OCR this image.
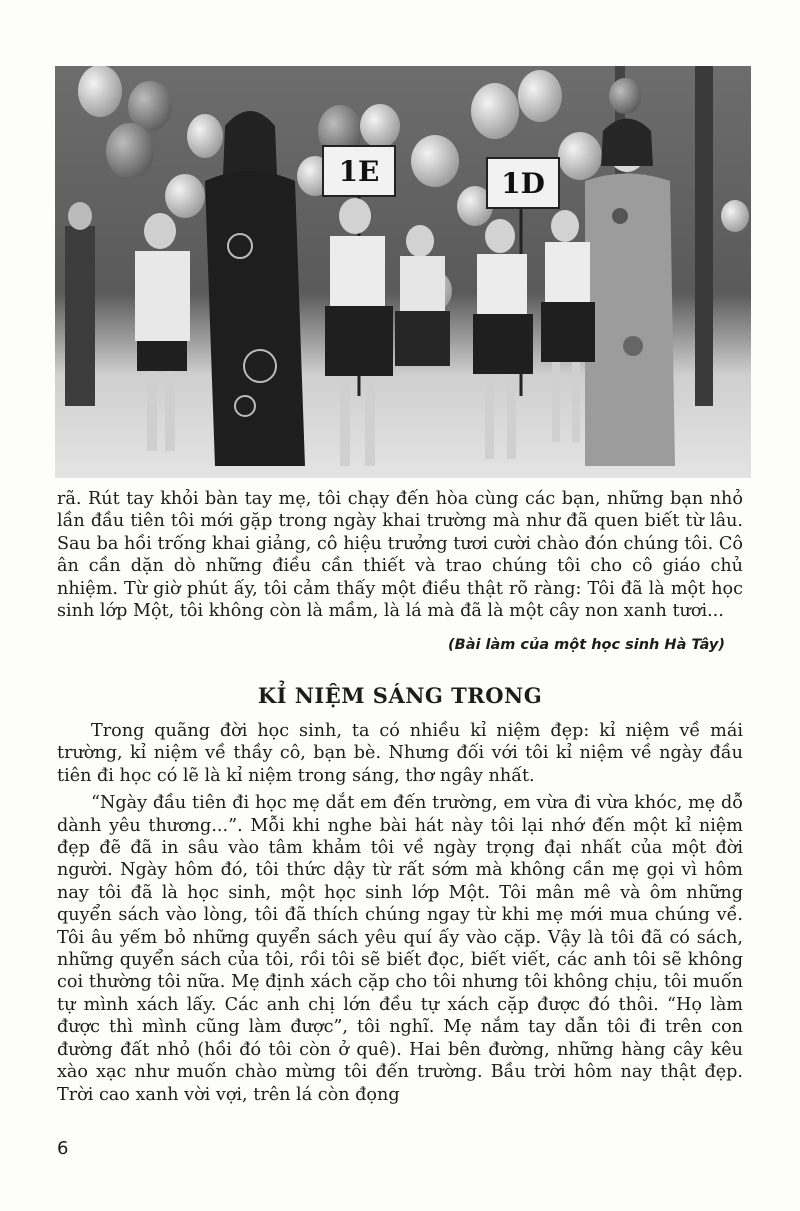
1E	1D

rã. Rút tay khỏi bàn tay mẹ, tôi chạy đến hòa cùng các bạn, những bạn nhỏ lần đầu tiên tôi mới gặp trong ngày khai trường mà như đã quen biết từ lâu. Sau ba hồi trống khai giảng, cô hiệu trưởng tươi cười chào đón chúng tôi. Cô ân cần dặn dò những điều cần thiết và trao chúng tôi cho cô giáo chủ nhiệm. Từ giờ phút ấy, tôi cảm thấy một điều thật rõ ràng: Tôi đã là một học sinh lớp Một, tôi không còn là mầm, là lá mà đã là một cây non xanh tươi...

(Bài làm của một học sinh Hà Tây)
KỈ NIỆM SÁNG TRONG

Trong quãng đời học sinh, ta có nhiều kỉ niệm đẹp: kỉ niệm về mái trường, kỉ niệm về thầy cô, bạn bè. Nhưng đối với tôi kỉ niệm về ngày đầu tiên đi học có lẽ là kỉ niệm trong sáng, thơ ngây nhất.

“Ngày đầu tiên đi học mẹ dắt em đến trường, em vừa đi vừa khóc, mẹ dỗ dành yêu thương...”. Mỗi khi nghe bài hát này tôi lại nhớ đến một kỉ niệm đẹp đẽ đã in sâu vào tâm khảm tôi về ngày trọng đại nhất của một đời người. Ngày hôm đó, tôi thức dậy từ rất sớm mà không cần mẹ gọi vì hôm nay tôi đã là học sinh, một học sinh lớp Một. Tôi mân mê và ôm những quyển sách vào lòng, tôi đã thích chúng ngay từ khi mẹ mới mua chúng về. Tôi âu yếm bỏ những quyển sách yêu quí ấy vào cặp. Vậy là tôi đã có sách, những quyển sách của tôi, rồi tôi sẽ biết đọc, biết viết, các anh tôi sẽ không coi thường tôi nữa. Mẹ định xách cặp cho tôi nhưng tôi không chịu, tôi muốn tự mình xách lấy. Các anh chị lớn đều tự xách cặp được đó thôi. “Họ làm được thì mình cũng làm được”, tôi nghĩ. Mẹ nắm tay dẫn tôi đi trên con đường đất nhỏ (hồi đó tôi còn ở quê). Hai bên đường, những hàng cây kêu xào xạc như muốn chào mừng tôi đến trường. Bầu trời hôm nay thật đẹp. Trời cao xanh vời vợi, trên lá còn đọng

6
